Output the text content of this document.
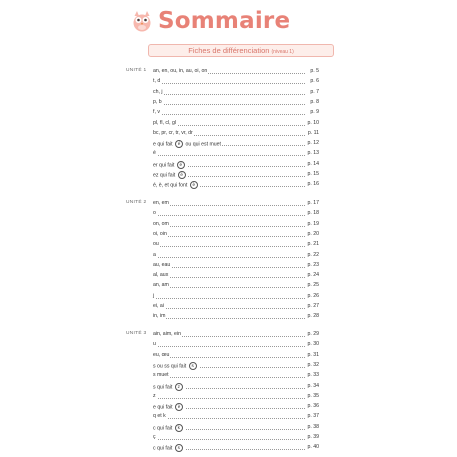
Sommaire
Fiches de différenciation (niveau 1)
UNITÉ 1 an, en, ou, in, au, oi, on	p. 5
t, d	p. 6
ch, j	p. 7
p, b	p. 8
f, v	p. 9
pl, fl, cl, gl	p. 10
bc, pr, cr, tr, vr, dr	p. 11
e qui fait é ou qui est muet	p. 12
é	p. 13
er qui fait é	p. 14
ez qui fait é	p. 15
é, è, et qui font è	p. 16
UNITÉ 2 en, em	p. 17
o	p. 18
on, om	p. 19
oi, oin	p. 20
ou	p. 21
a	p. 22
au, eau	p. 23
al, aux	p. 24
an, am	p. 25
j	p. 26
ei, ai	p. 27
in, im	p. 28
UNITÉ 3 ain, aim, ein	p. 29
u	p. 30
eu, œu	p. 31
s ou ss qui fait s	p. 32
s muet	p. 33
s qui fait z	p. 34
z	p. 35
e qui fait è	p. 36
q et k	p. 37
c qui fait k	p. 38
ç	p. 39
c qui fait s	p. 40
